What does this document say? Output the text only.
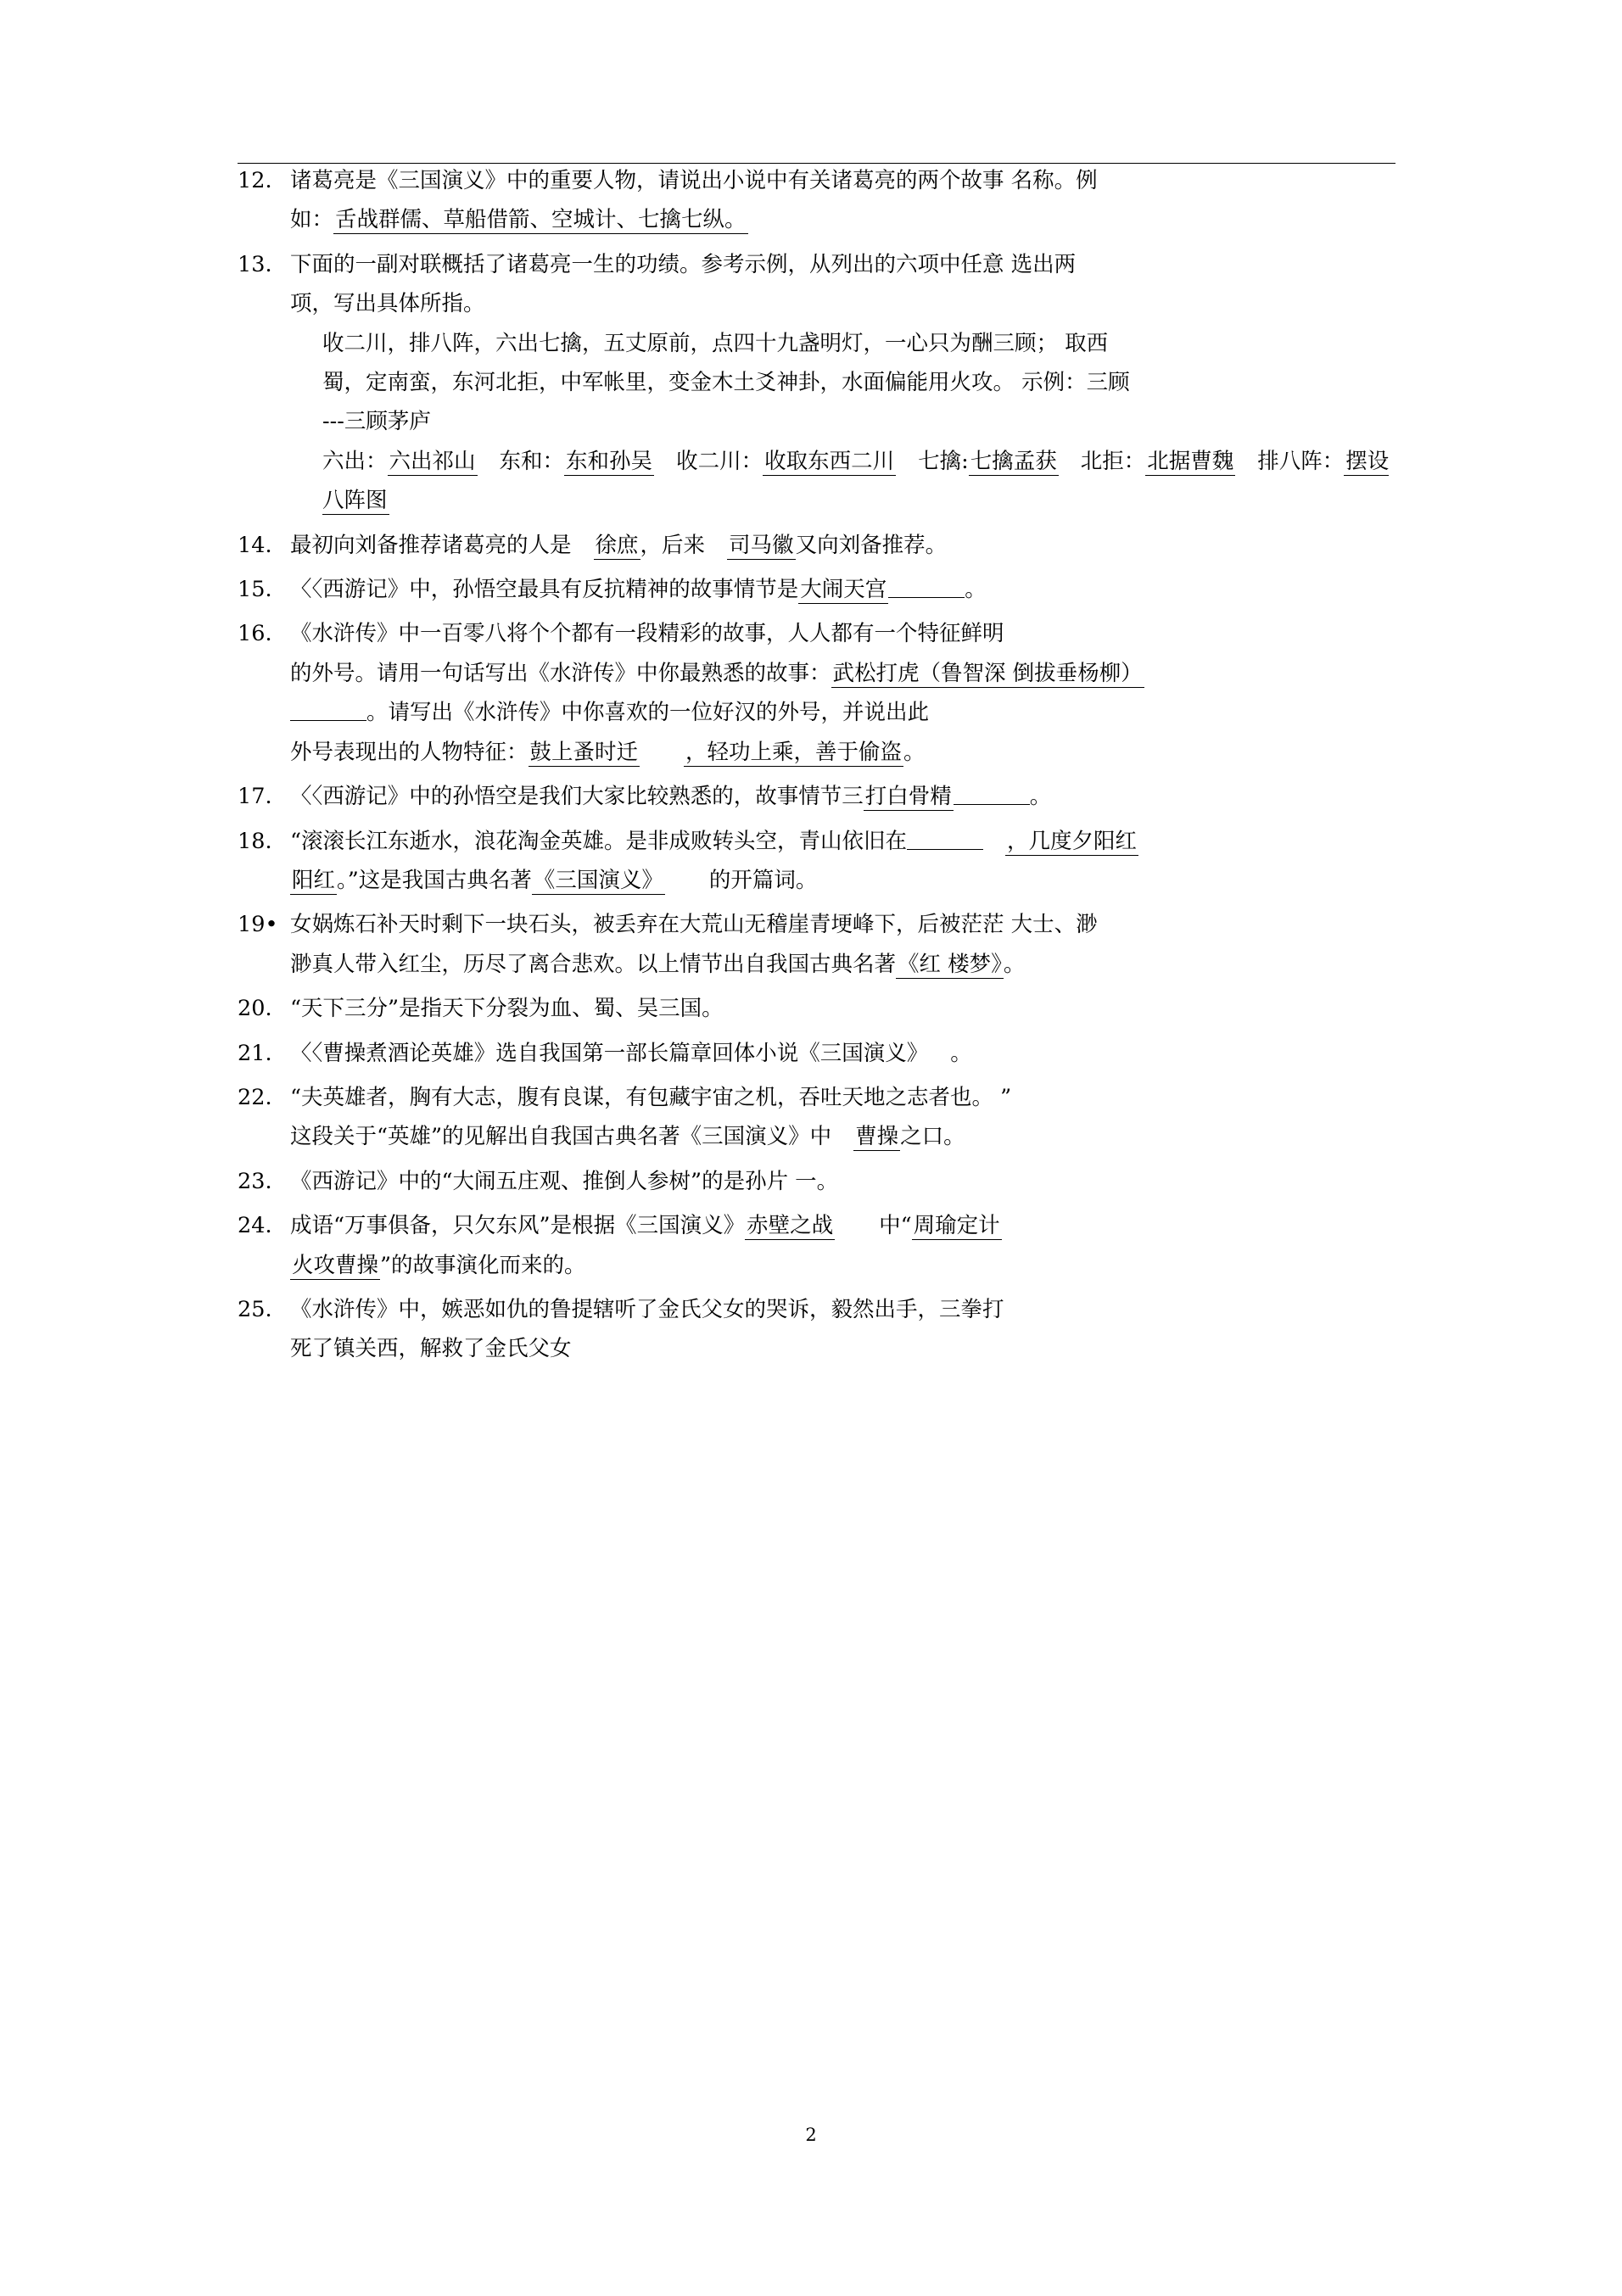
12. 诸葛亮是《三国演义》中的重要人物，请说出小说中有关诸葛亮的两个故事 名称。例
如：舌战群儒、草船借箭、空城计、七擒七纵。
13. 下面的一副对联概括了诸葛亮一生的功绩。参考示例，从列出的六项中任意 选出两
项，写出具体所指。
收二川，排八阵，六出七擒，五丈原前，点四十九盏明灯，一心只为酬三顾； 取西
蜀，定南蛮，东河北拒，中军帐里，变金木土爻神卦，水面偏能用火攻。 示例：三顾
---三顾茅庐
六出：六出祁山 东和：东和孙吴 收二川：收取东西二川 七擒:七擒孟获 北拒：北据曹魏 排八阵：摆设八阵图
14. 最初向刘备推荐诸葛亮的人是 徐庶，后来 司马徽又向刘备推荐。
15. 〈〈西游记》中，孙悟空最具有反抗精神的故事情节是大闹天宫	。
16. 《水浒传》中一百零八将个个都有一段精彩的故事，人人都有一个特征鲜明
的外号。请用一句话写出《水浒传》中你最熟悉的故事：武松打虎（鲁智深 倒拔垂杨柳）
。请写出《水浒传》中你喜欢的一位好汉的外号，并说出此
外号表现出的人物特征：鼓上蚤时迁 ，轻功上乘，善于偷盗。
17. 〈〈西游记》中的孙悟空是我们大家比较熟悉的，故事情节三打白骨精	。
18. “滚滚长江东逝水，浪花淘金英雄。是非成败转头空，青山依旧在	，几度夕阳红
阳红。”这是我国古典名著《三国演义》 的开篇词。
19• 女娲炼石补天时剩下一块石头，被丢弃在大荒山无稽崖青埂峰下，后被茫茫 大士、渺
渺真人带入红尘，历尽了离合悲欢。以上情节出自我国古典名著《红 楼梦》。
20. “天下三分”是指天下分裂为血、蜀、吴三国。
21. 〈〈曹操煮酒论英雄》选自我国第一部长篇章回体小说《三国演义》 。
22. “夫英雄者，胸有大志，腹有良谋，有包藏宇宙之机，吞吐天地之志者也。 ”
这段关于“英雄”的见解出自我国古典名著《三国演义》中 曹操之口。
23. 《西游记》中的“大闹五庄观、推倒人参树”的是孙片 一。
24. 成语“万事俱备，只欠东风”是根据《三国演义》赤壁之战 中“周瑜定计
火攻曹操”的故事演化而来的。
25. 《水浒传》中，嫉恶如仇的鲁提辖听了金氏父女的哭诉，毅然出手，三拳打
死了镇关西，解救了金氏父女
2
